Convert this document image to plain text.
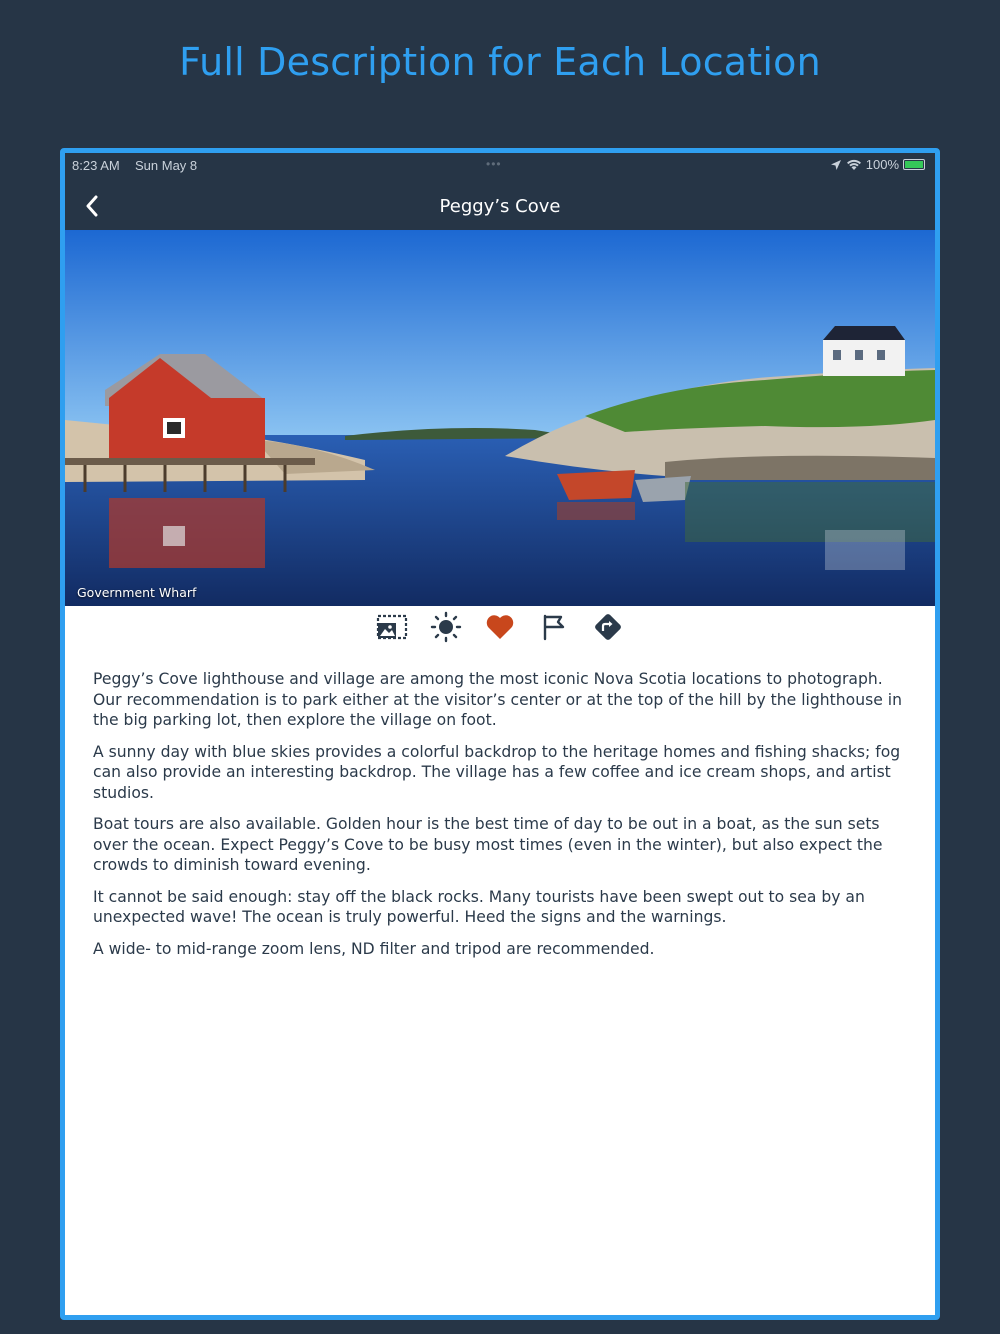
Full Description for Each Location
8:23 AM Sun May 8	•••	100%
Peggy’s Cove
Government Wharf

Peggy’s Cove lighthouse and village are among the most iconic Nova Scotia locations to photograph. Our recommendation is to park either at the visitor’s center or at the top of the hill by the lighthouse in the big parking lot, then explore the village on foot.

A sunny day with blue skies provides a colorful backdrop to the heritage homes and fishing shacks; fog can also provide an interesting backdrop. The village has a few coffee and ice cream shops, and artist studios.

Boat tours are also available. Golden hour is the best time of day to be out in a boat, as the sun sets over the ocean. Expect Peggy’s Cove to be busy most times (even in the winter), but also expect the crowds to diminish toward evening.

It cannot be said enough: stay off the black rocks. Many tourists have been swept out to sea by an unexpected wave! The ocean is truly powerful. Heed the signs and the warnings.

A wide- to mid-range zoom lens, ND filter and tripod are recommended.
